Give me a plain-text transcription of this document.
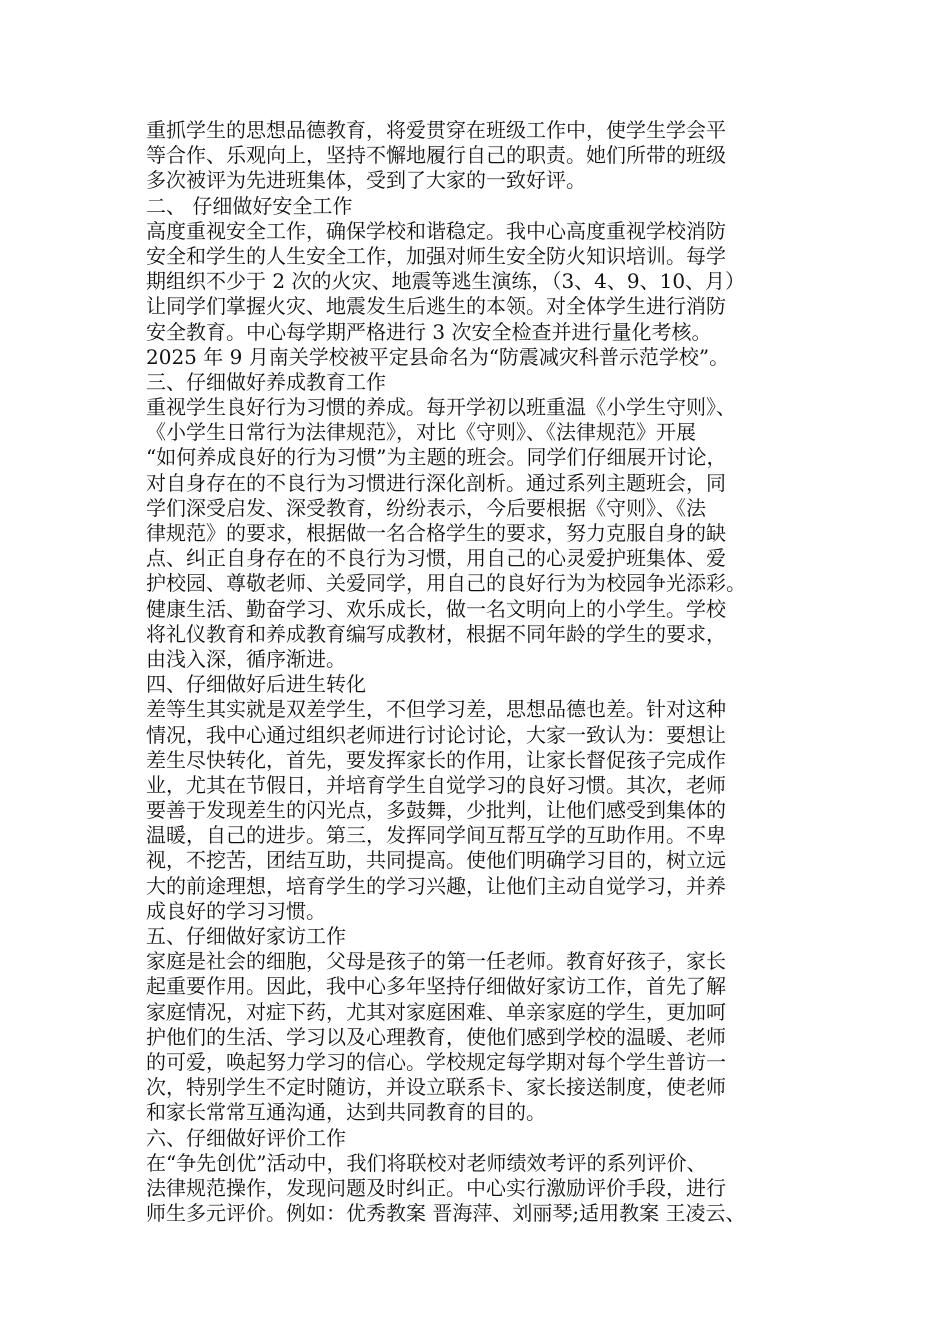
重抓学生的思想品德教育，将爱贯穿在班级工作中，使学生学会平
等合作、乐观向上，坚持不懈地履行自己的职责。她们所带的班级
多次被评为先进班集体，受到了大家的一致好评。
二、 仔细做好安全工作
高度重视安全工作，确保学校和谐稳定。我中心高度重视学校消防
安全和学生的人生安全工作，加强对师生安全防火知识培训。每学
期组织不少于 2 次的火灾、地震等逃生演练，（3、4、9、10、月）
让同学们掌握火灾、地震发生后逃生的本领。对全体学生进行消防
安全教育。中心每学期严格进行 3 次安全检查并进行量化考核。
2025 年 9 月南关学校被平定县命名为“防震减灾科普示范学校”。
三、仔细做好养成教育工作
重视学生良好行为习惯的养成。每开学初以班重温《小学生守则》、
《小学生日常行为法律规范》，对比《守则》、《法律规范》开展
“如何养成良好的行为习惯”为主题的班会。同学们仔细展开讨论，
对自身存在的不良行为习惯进行深化剖析。通过系列主题班会，同
学们深受启发、深受教育，纷纷表示，今后要根据《守则》、《法
律规范》的要求，根据做一名合格学生的要求，努力克服自身的缺
点、纠正自身存在的不良行为习惯，用自己的心灵爱护班集体、爱
护校园、尊敬老师、关爱同学，用自己的良好行为为校园争光添彩。
健康生活、勤奋学习、欢乐成长，做一名文明向上的小学生。学校
将礼仪教育和养成教育编写成教材，根据不同年龄的学生的要求，
由浅入深，循序渐进。
四、仔细做好后进生转化
差等生其实就是双差学生，不但学习差，思想品德也差。针对这种
情况，我中心通过组织老师进行讨论讨论，大家一致认为：要想让
差生尽快转化，首先，要发挥家长的作用，让家长督促孩子完成作
业，尤其在节假日，并培育学生自觉学习的良好习惯。其次，老师
要善于发现差生的闪光点，多鼓舞，少批判，让他们感受到集体的
温暖，自己的进步。第三，发挥同学间互帮互学的互助作用。不卑
视，不挖苦，团结互助，共同提高。使他们明确学习目的，树立远
大的前途理想，培育学生的学习兴趣，让他们主动自觉学习，并养
成良好的学习习惯。
五、仔细做好家访工作
家庭是社会的细胞，父母是孩子的第一任老师。教育好孩子，家长
起重要作用。因此，我中心多年坚持仔细做好家访工作，首先了解
家庭情况，对症下药，尤其对家庭困难、单亲家庭的学生，更加呵
护他们的生活、学习以及心理教育，使他们感到学校的温暖、老师
的可爱，唤起努力学习的信心。学校规定每学期对每个学生普访一
次，特别学生不定时随访，并设立联系卡、家长接送制度，使老师
和家长常常互通沟通，达到共同教育的目的。
六、仔细做好评价工作
在“争先创优”活动中，我们将联校对老师绩效考评的系列评价、
法律规范操作，发现问题及时纠正。中心实行激励评价手段，进行
师生多元评价。例如：优秀教案 晋海萍、刘丽琴;适用教案 王凌云、
